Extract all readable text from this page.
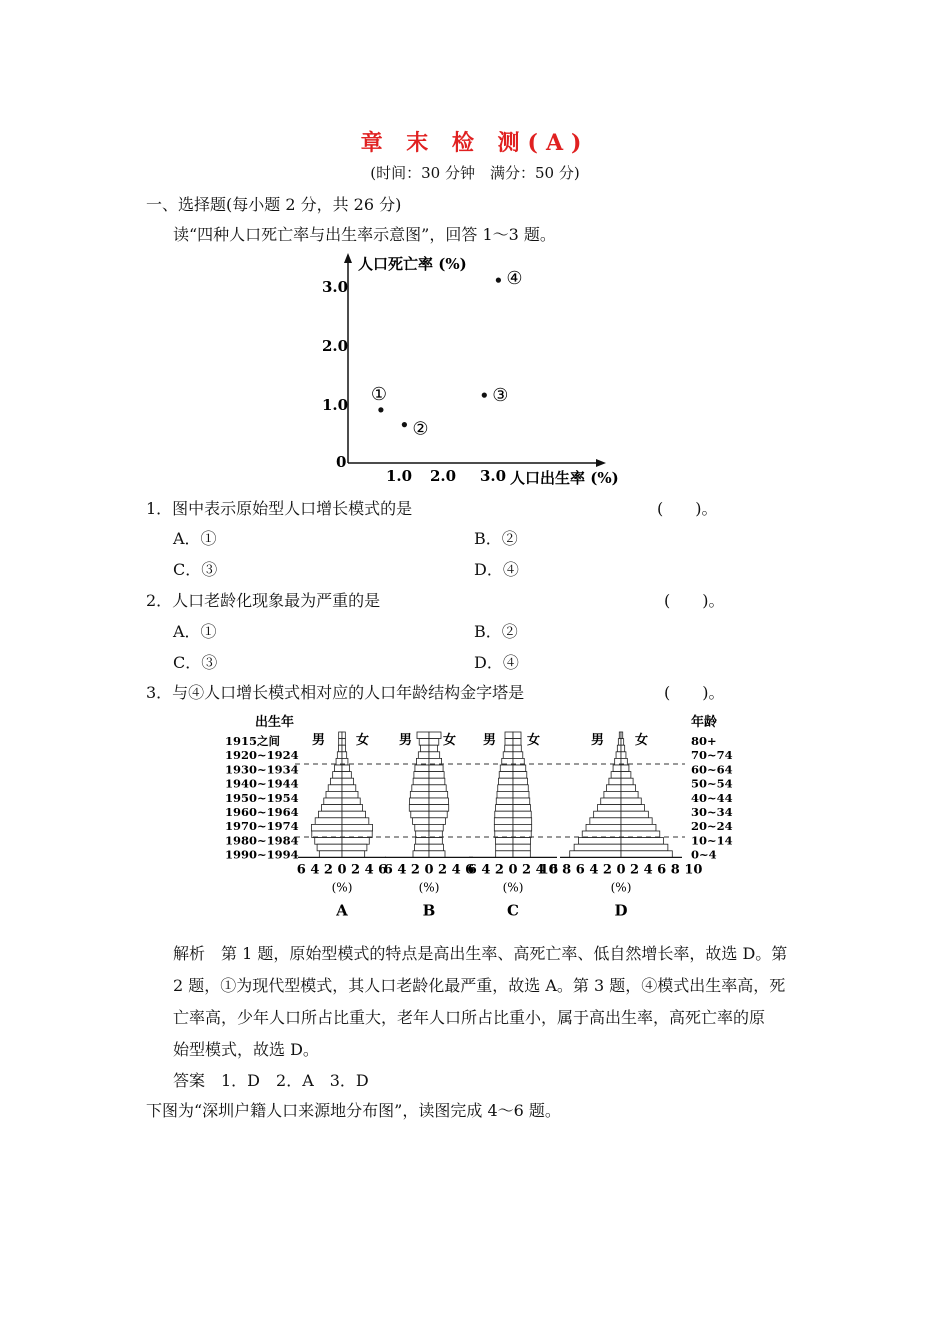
章 末 检 测(A)
(时间：30 分钟　满分：50 分)
一、选择题(每小题 2 分，共 26 分)
读“四种人口死亡率与出生率示意图”，回答 1～3 题。
人口死亡率 (%)
人口出生率 (%)
0
1.0
2.0
3.0
1.0 2.0 3.0
①
②
③
④
1．图中表示原始型人口增长模式的是	(　　)。
A．①	B．②
C．③	D．④
2．人口老龄化现象最为严重的是	(　　)。
A．①	B．②
C．③	D．④
3．与④人口增长模式相对应的人口年龄结构金字塔是	(　　)。
出生年	年龄
1915之间
1920~1924
1930~1934
1940~1944
1950~1954
1960~1964
1970~1974
1980~1984
1990~1994
80+
70~74
60~64
50~54
40~44
30~34
20~24
10~14
0~4
男 女
6 4 2 0 2 4 6
(%)
A
男 女
6 4 2 0 2 4 6
(%)
B
男 女
6 4 2 0 2 4 6
(%)
C
男 女
10 8 6 4 2 0 2 4 6 8 10
(%)
D
解析　第 1 题，原始型模式的特点是高出生率、高死亡率、低自然增长率，故选 D。第
2 题，①为现代型模式，其人口老龄化最严重，故选 A。第 3 题，④模式出生率高，死
亡率高，少年人口所占比重大，老年人口所占比重小，属于高出生率，高死亡率的原
始型模式，故选 D。
答案　1．D　2．A　3．D
下图为“深圳户籍人口来源地分布图”，读图完成 4～6 题。
